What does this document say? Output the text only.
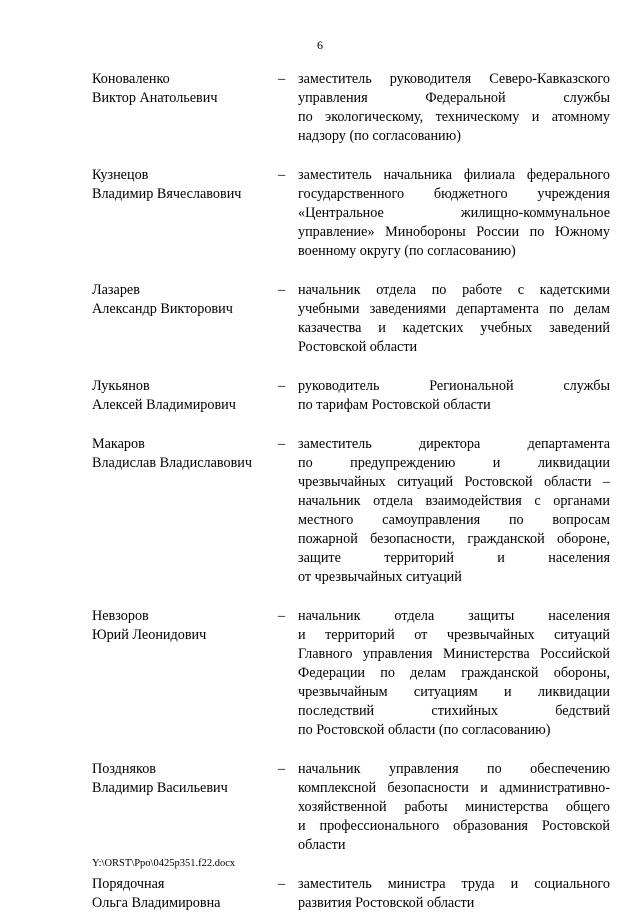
6
Коноваленко
Виктор Анатольевич
– заместитель руководителя Северо-Кавказского
управления Федеральной службы
по экологическому, техническому и атомному
надзору (по согласованию)
Кузнецов
Владимир Вячеславович
– заместитель начальника филиала федерального
государственного бюджетного учреждения
«Центральное жилищно-коммунальное
управление» Минобороны России по Южному
военному округу (по согласованию)
Лазарев
Александр Викторович
– начальник отдела по работе с кадетскими
учебными заведениями департамента по делам
казачества и кадетских учебных заведений
Ростовской области
Лукьянов
Алексей Владимирович
– руководитель Региональной службы
по тарифам Ростовской области
Макаров
Владислав Владиславович
– заместитель директора департамента
по предупреждению и ликвидации
чрезвычайных ситуаций Ростовской области –
начальник отдела взаимодействия с органами
местного самоуправления по вопросам
пожарной безопасности, гражданской обороне,
защите территорий и населения
от чрезвычайных ситуаций
Невзоров
Юрий Леонидович
– начальник отдела защиты населения
и территорий от чрезвычайных ситуаций
Главного управления Министерства Российской
Федерации по делам гражданской обороны,
чрезвычайным ситуациям и ликвидации
последствий стихийных бедствий
по Ростовской области (по согласованию)
Поздняков
Владимир Васильевич
– начальник управления по обеспечению
комплексной безопасности и административно-
хозяйственной работы министерства общего
и профессионального образования Ростовской
области
Порядочная
Ольга Владимировна
– заместитель министра труда и социального
развития Ростовской области
Y:\ORST\Ppo\0425p351.f22.docx
